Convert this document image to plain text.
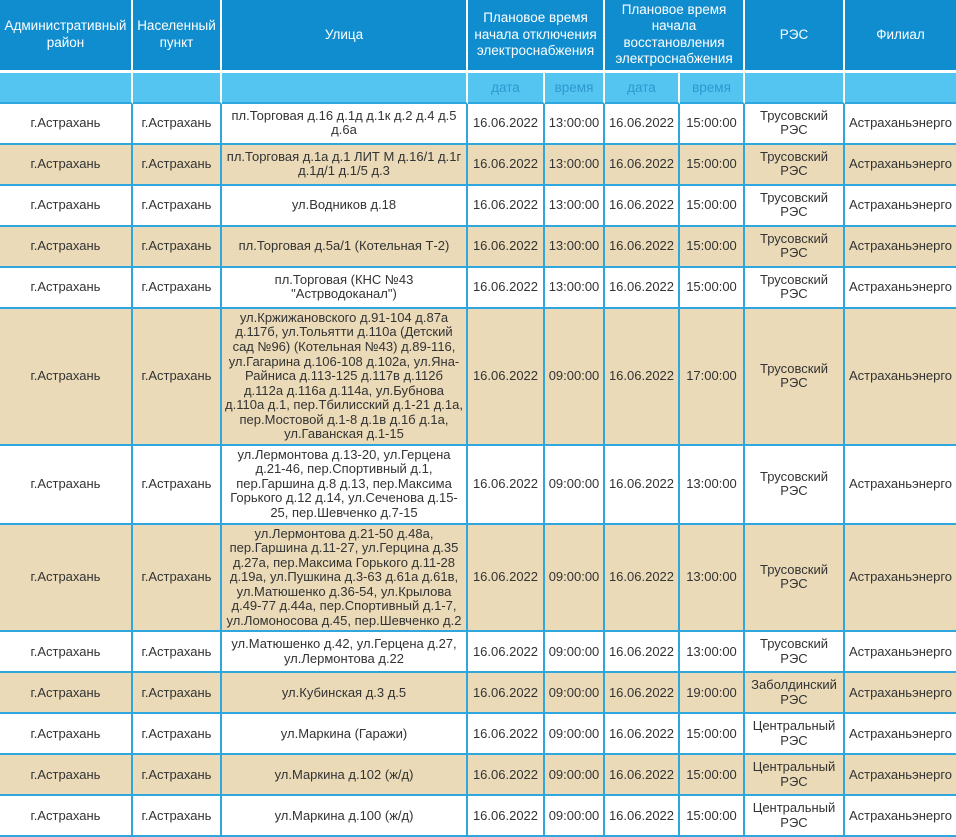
Административный район	Населенный пункт	Улица	Плановое время начала отключения электроснабжения		Плановое время начала восстановления электроснабжения		РЭС	Филиал
			дата	время	дата	время		
г.Астрахань	г.Астрахань	пл.Торговая д.16 д.1д д.1к д.2 д.4 д.5 д.6а	16.06.2022	13:00:00	16.06.2022	15:00:00	Трусовский РЭС	Астраханьэнерго
г.Астрахань	г.Астрахань	пл.Торговая д.1а д.1 ЛИТ М д.16/1 д.1г д.1д/1 д.1/5 д.3	16.06.2022	13:00:00	16.06.2022	15:00:00	Трусовский РЭС	Астраханьэнерго
г.Астрахань	г.Астрахань	ул.Водников д.18	16.06.2022	13:00:00	16.06.2022	15:00:00	Трусовский РЭС	Астраханьэнерго
г.Астрахань	г.Астрахань	пл.Торговая д.5а/1 (Котельная Т-2)	16.06.2022	13:00:00	16.06.2022	15:00:00	Трусовский РЭС	Астраханьэнерго
г.Астрахань	г.Астрахань	пл.Торговая (КНС №43 "Астрводоканал")	16.06.2022	13:00:00	16.06.2022	15:00:00	Трусовский РЭС	Астраханьэнерго
г.Астрахань	г.Астрахань	ул.Кржижановского д.91-104 д.87а д.117б, ул.Тольятти д.110а (Детский сад №96) (Котельная №43) д.89-116, ул.Гагарина д.106-108 д.102а, ул.Яна-Райниса д.113-125 д.117в д.112б д.112а д.116а д.114а, ул.Бубнова д.110а д.1, пер.Тбилисский д.1-21 д.1а, пер.Мостовой д.1-8 д.1в д.1б д.1а, ул.Гаванская д.1-15	16.06.2022	09:00:00	16.06.2022	17:00:00	Трусовский РЭС	Астраханьэнерго
г.Астрахань	г.Астрахань	ул.Лермонтова д.13-20, ул.Герцена д.21-46, пер.Спортивный д.1, пер.Гаршина д.8 д.13, пер.Максима Горького д.12 д.14, ул.Сеченова д.15-25, пер.Шевченко д.7-15	16.06.2022	09:00:00	16.06.2022	13:00:00	Трусовский РЭС	Астраханьэнерго
г.Астрахань	г.Астрахань	ул.Лермонтова д.21-50 д.48а, пер.Гаршина д.11-27, ул.Герцина д.35 д.27а, пер.Максима Горького д.11-28 д.19а, ул.Пушкина д.3-63 д.61а д.61в, ул.Матюшенко д.36-54, ул.Крылова д.49-77 д.44а, пер.Спортивный д.1-7, ул.Ломоносова д.45, пер.Шевченко д.2	16.06.2022	09:00:00	16.06.2022	13:00:00	Трусовский РЭС	Астраханьэнерго
г.Астрахань	г.Астрахань	ул.Матюшенко д.42, ул.Герцена д.27, ул.Лермонтова д.22	16.06.2022	09:00:00	16.06.2022	13:00:00	Трусовский РЭС	Астраханьэнерго
г.Астрахань	г.Астрахань	ул.Кубинская д.3 д.5	16.06.2022	09:00:00	16.06.2022	19:00:00	Заболдинский РЭС	Астраханьэнерго
г.Астрахань	г.Астрахань	ул.Маркина (Гаражи)	16.06.2022	09:00:00	16.06.2022	15:00:00	Центральный РЭС	Астраханьэнерго
г.Астрахань	г.Астрахань	ул.Маркина д.102 (ж/д)	16.06.2022	09:00:00	16.06.2022	15:00:00	Центральный РЭС	Астраханьэнерго
г.Астрахань	г.Астрахань	ул.Маркина д.100 (ж/д)	16.06.2022	09:00:00	16.06.2022	15:00:00	Центральный РЭС	Астраханьэнерго
